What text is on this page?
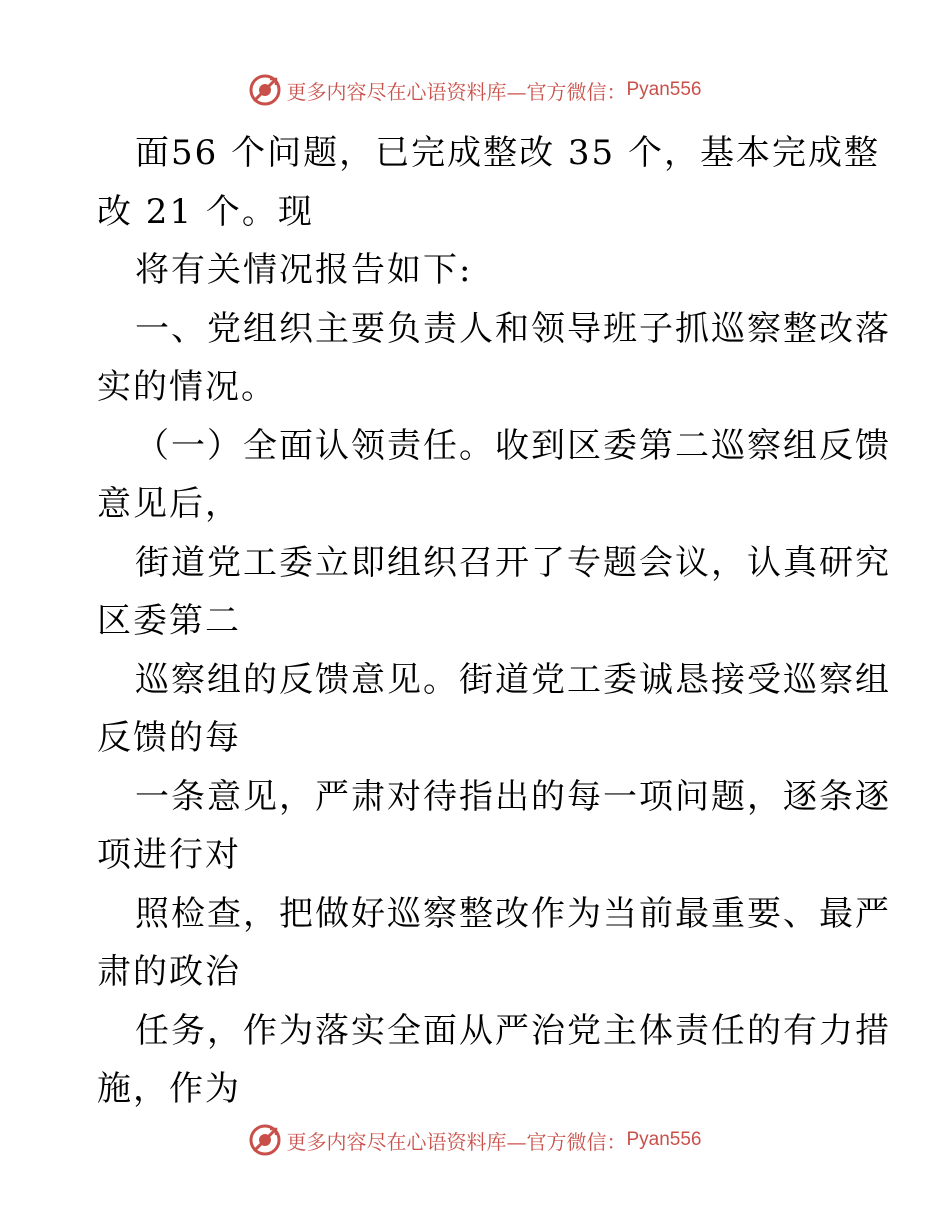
更多内容尽在心语资料库—官方微信： Pyan556
面56 个问题，已完成整改 35 个，基本完成整
改 21 个。现
将有关情况报告如下:
一、党组织主要负责人和领导班子抓巡察整改落
实的情况。
（一）全面认领责任。收到区委第二巡察组反馈
意见后，
街道党工委立即组织召开了专题会议，认真研究
区委第二
巡察组的反馈意见。街道党工委诚恳接受巡察组
反馈的每
一条意见，严肃对待指出的每一项问题，逐条逐
项进行对
照检查，把做好巡察整改作为当前最重要、最严
肃的政治
任务，作为落实全面从严治党主体责任的有力措
施，作为
更多内容尽在心语资料库—官方微信： Pyan556
